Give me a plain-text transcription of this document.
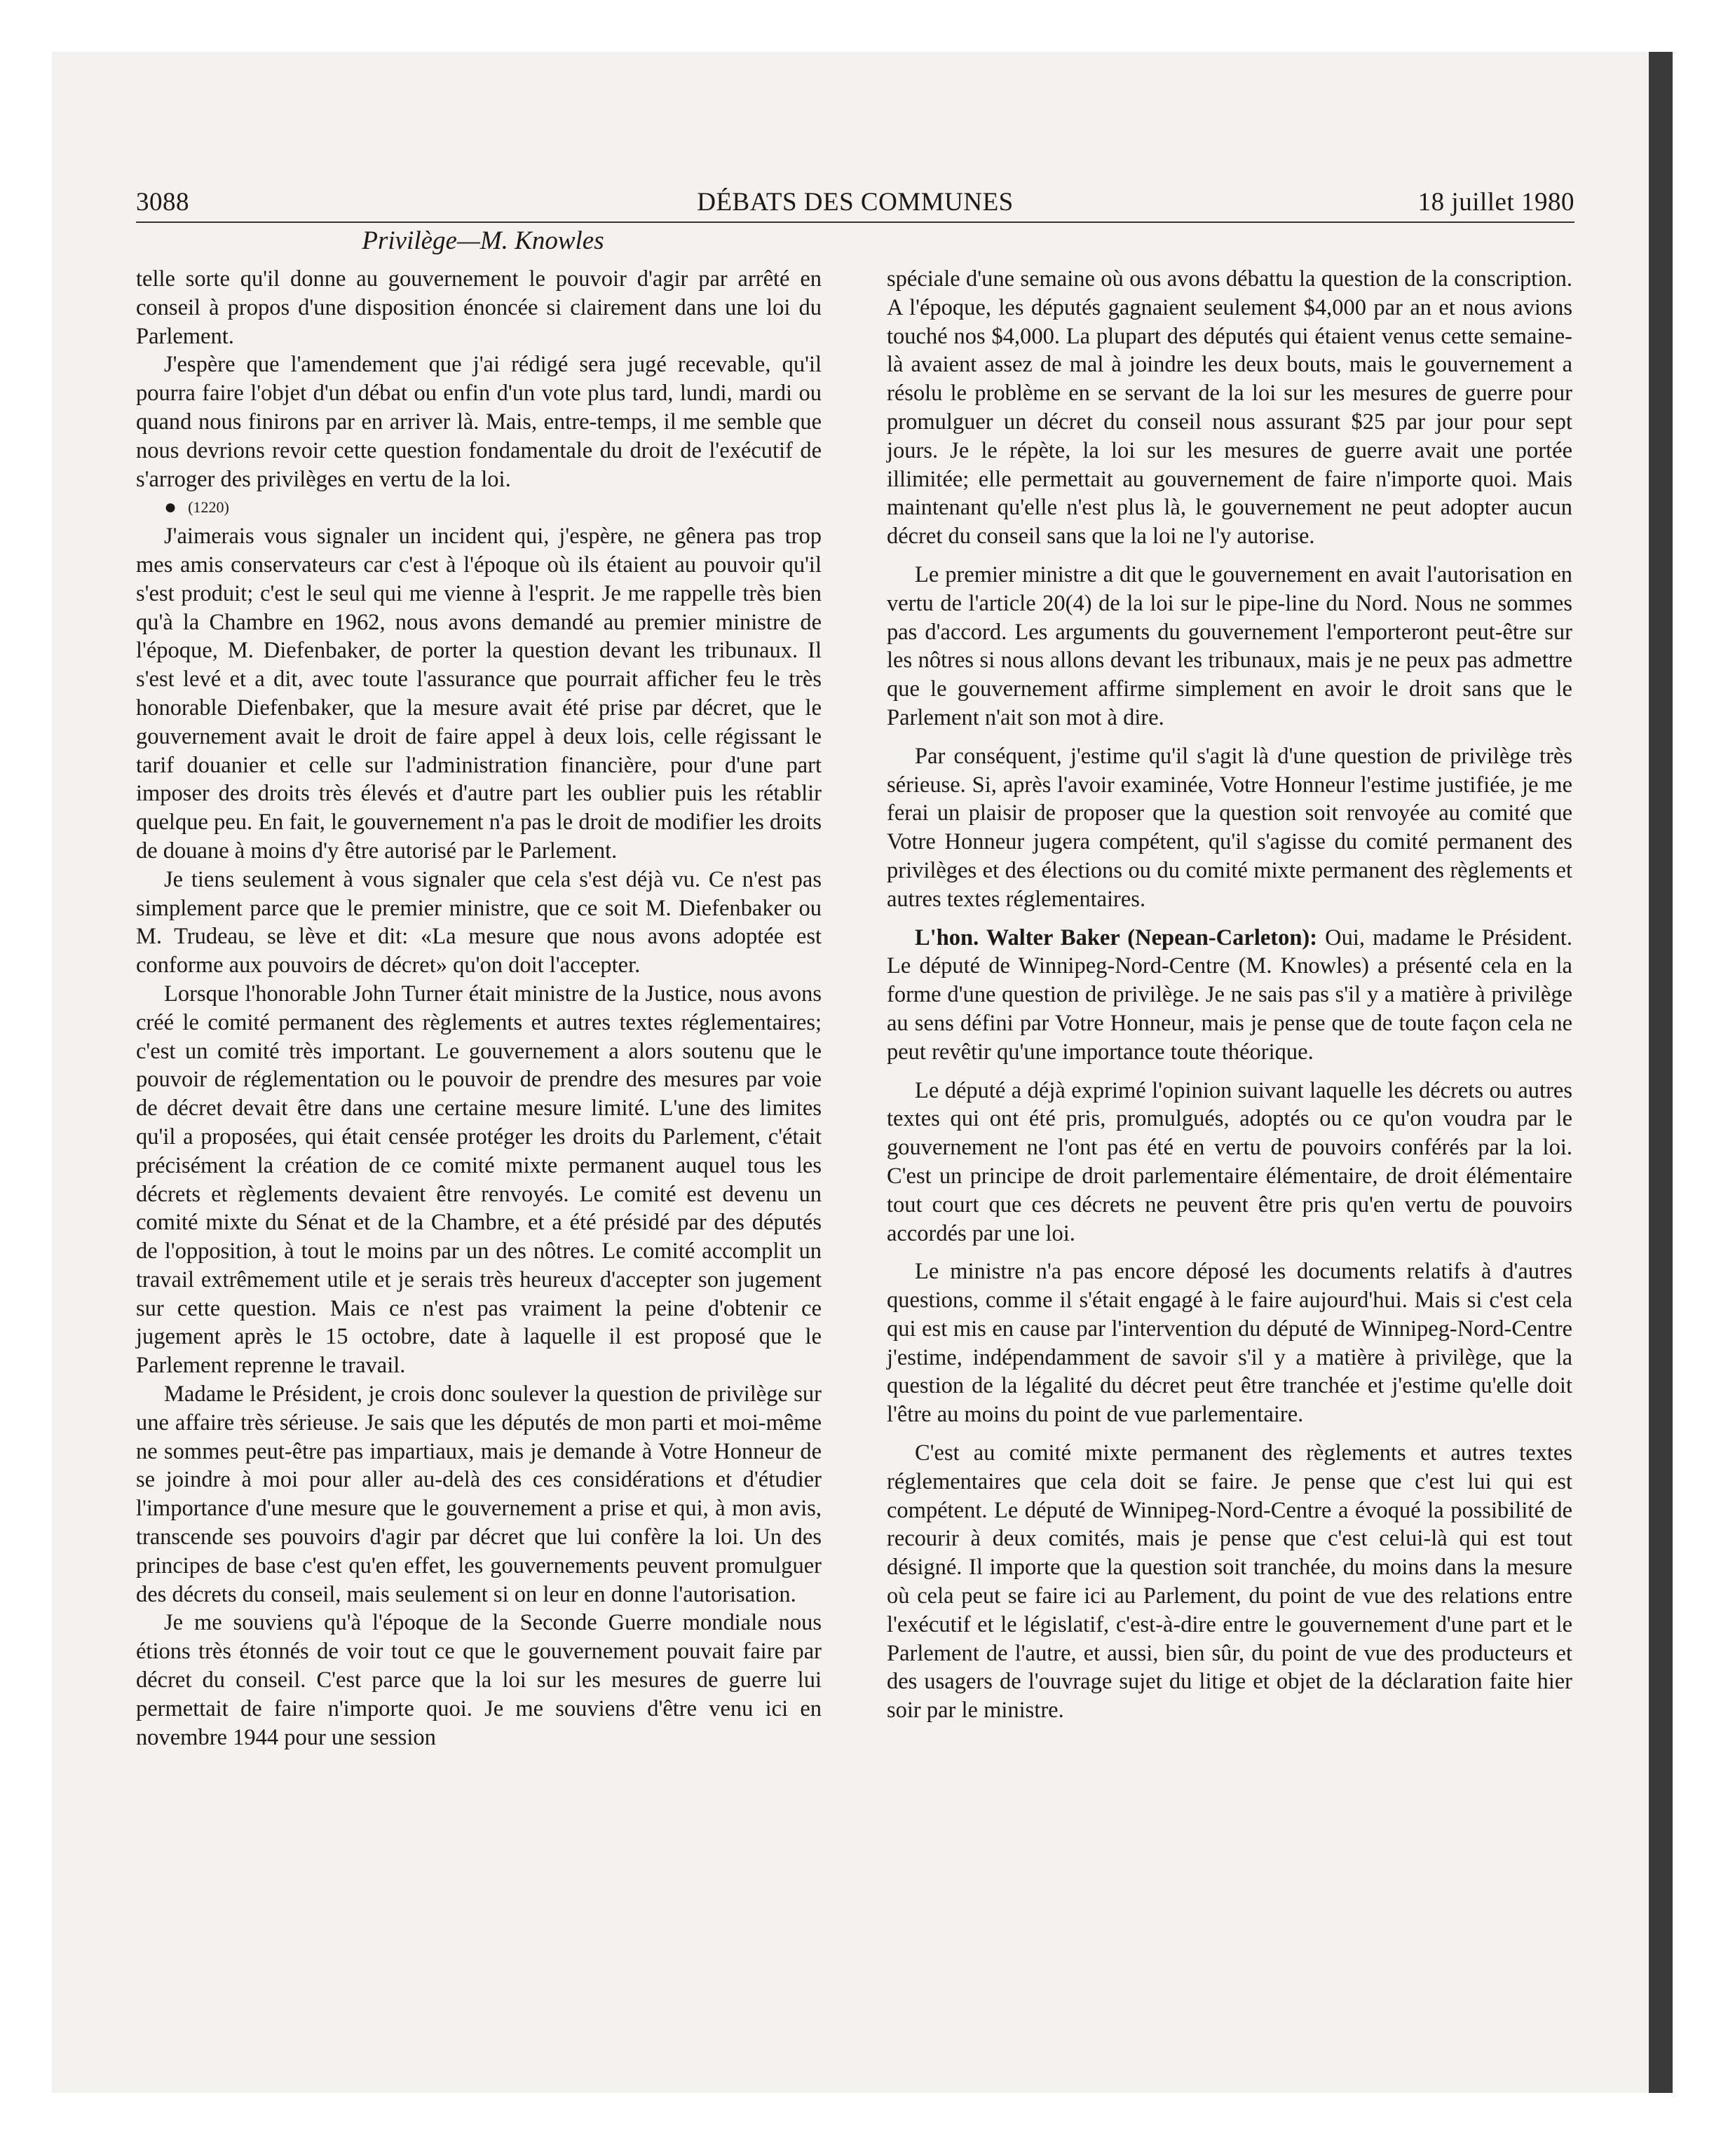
3088	DÉBATS DES COMMUNES	18 juillet 1980
Privilège—M. Knowles

telle sorte qu'il donne au gouvernement le pouvoir d'agir par arrêté en conseil à propos d'une disposition énoncée si clairement dans une loi du Parlement.

J'espère que l'amendement que j'ai rédigé sera jugé recevable, qu'il pourra faire l'objet d'un débat ou enfin d'un vote plus tard, lundi, mardi ou quand nous finirons par en arriver là. Mais, entre-temps, il me semble que nous devrions revoir cette question fondamentale du droit de l'exécutif de s'arroger des privilèges en vertu de la loi.

● (1220)

J'aimerais vous signaler un incident qui, j'espère, ne gênera pas trop mes amis conservateurs car c'est à l'époque où ils étaient au pouvoir qu'il s'est produit; c'est le seul qui me vienne à l'esprit. Je me rappelle très bien qu'à la Chambre en 1962, nous avons demandé au premier ministre de l'époque, M. Diefenbaker, de porter la question devant les tribunaux. Il s'est levé et a dit, avec toute l'assurance que pourrait afficher feu le très honorable Diefenbaker, que la mesure avait été prise par décret, que le gouvernement avait le droit de faire appel à deux lois, celle régissant le tarif douanier et celle sur l'administration financière, pour d'une part imposer des droits très élevés et d'autre part les oublier puis les rétablir quelque peu. En fait, le gouvernement n'a pas le droit de modifier les droits de douane à moins d'y être autorisé par le Parlement.

Je tiens seulement à vous signaler que cela s'est déjà vu. Ce n'est pas simplement parce que le premier ministre, que ce soit M. Diefenbaker ou M. Trudeau, se lève et dit: «La mesure que nous avons adoptée est conforme aux pouvoirs de décret» qu'on doit l'accepter.

Lorsque l'honorable John Turner était ministre de la Justice, nous avons créé le comité permanent des règlements et autres textes réglementaires; c'est un comité très important. Le gouvernement a alors soutenu que le pouvoir de réglementation ou le pouvoir de prendre des mesures par voie de décret devait être dans une certaine mesure limité. L'une des limites qu'il a proposées, qui était censée protéger les droits du Parlement, c'était précisément la création de ce comité mixte permanent auquel tous les décrets et règlements devaient être renvoyés. Le comité est devenu un comité mixte du Sénat et de la Chambre, et a été présidé par des députés de l'opposition, à tout le moins par un des nôtres. Le comité accomplit un travail extrêmement utile et je serais très heureux d'accepter son jugement sur cette question. Mais ce n'est pas vraiment la peine d'obtenir ce jugement après le 15 octobre, date à laquelle il est proposé que le Parlement reprenne le travail.

Madame le Président, je crois donc soulever la question de privilège sur une affaire très sérieuse. Je sais que les députés de mon parti et moi-même ne sommes peut-être pas impartiaux, mais je demande à Votre Honneur de se joindre à moi pour aller au-delà des ces considérations et d'étudier l'importance d'une mesure que le gouvernement a prise et qui, à mon avis, transcende ses pouvoirs d'agir par décret que lui confère la loi. Un des principes de base c'est qu'en effet, les gouvernements peuvent promulguer des décrets du conseil, mais seulement si on leur en donne l'autorisation.

Je me souviens qu'à l'époque de la Seconde Guerre mondiale nous étions très étonnés de voir tout ce que le gouvernement pouvait faire par décret du conseil. C'est parce que la loi sur les mesures de guerre lui permettait de faire n'importe quoi. Je me souviens d'être venu ici en novembre 1944 pour une session

spéciale d'une semaine où ous avons débattu la question de la conscription. A l'époque, les députés gagnaient seulement $4,000 par an et nous avions touché nos $4,000. La plupart des députés qui étaient venus cette semaine-là avaient assez de mal à joindre les deux bouts, mais le gouvernement a résolu le problème en se servant de la loi sur les mesures de guerre pour promulguer un décret du conseil nous assurant $25 par jour pour sept jours. Je le répète, la loi sur les mesures de guerre avait une portée illimitée; elle permettait au gouvernement de faire n'importe quoi. Mais maintenant qu'elle n'est plus là, le gouvernement ne peut adopter aucun décret du conseil sans que la loi ne l'y autorise.

Le premier ministre a dit que le gouvernement en avait l'autorisation en vertu de l'article 20(4) de la loi sur le pipe-line du Nord. Nous ne sommes pas d'accord. Les arguments du gouvernement l'emporteront peut-être sur les nôtres si nous allons devant les tribunaux, mais je ne peux pas admettre que le gouvernement affirme simplement en avoir le droit sans que le Parlement n'ait son mot à dire.

Par conséquent, j'estime qu'il s'agit là d'une question de privilège très sérieuse. Si, après l'avoir examinée, Votre Honneur l'estime justifiée, je me ferai un plaisir de proposer que la question soit renvoyée au comité que Votre Honneur jugera compétent, qu'il s'agisse du comité permanent des privilèges et des élections ou du comité mixte permanent des règlements et autres textes réglementaires.

L'hon. Walter Baker (Nepean-Carleton): Oui, madame le Président. Le député de Winnipeg-Nord-Centre (M. Knowles) a présenté cela en la forme d'une question de privilège. Je ne sais pas s'il y a matière à privilège au sens défini par Votre Honneur, mais je pense que de toute façon cela ne peut revêtir qu'une importance toute théorique.

Le député a déjà exprimé l'opinion suivant laquelle les décrets ou autres textes qui ont été pris, promulgués, adoptés ou ce qu'on voudra par le gouvernement ne l'ont pas été en vertu de pouvoirs conférés par la loi. C'est un principe de droit parlementaire élémentaire, de droit élémentaire tout court que ces décrets ne peuvent être pris qu'en vertu de pouvoirs accordés par une loi.

Le ministre n'a pas encore déposé les documents relatifs à d'autres questions, comme il s'était engagé à le faire aujourd'hui. Mais si c'est cela qui est mis en cause par l'intervention du député de Winnipeg-Nord-Centre j'estime, indépendamment de savoir s'il y a matière à privilège, que la question de la légalité du décret peut être tranchée et j'estime qu'elle doit l'être au moins du point de vue parlementaire.

C'est au comité mixte permanent des règlements et autres textes réglementaires que cela doit se faire. Je pense que c'est lui qui est compétent. Le député de Winnipeg-Nord-Centre a évoqué la possibilité de recourir à deux comités, mais je pense que c'est celui-là qui est tout désigné. Il importe que la question soit tranchée, du moins dans la mesure où cela peut se faire ici au Parlement, du point de vue des relations entre l'exécutif et le législatif, c'est-à-dire entre le gouvernement d'une part et le Parlement de l'autre, et aussi, bien sûr, du point de vue des producteurs et des usagers de l'ouvrage sujet du litige et objet de la déclaration faite hier soir par le ministre.
